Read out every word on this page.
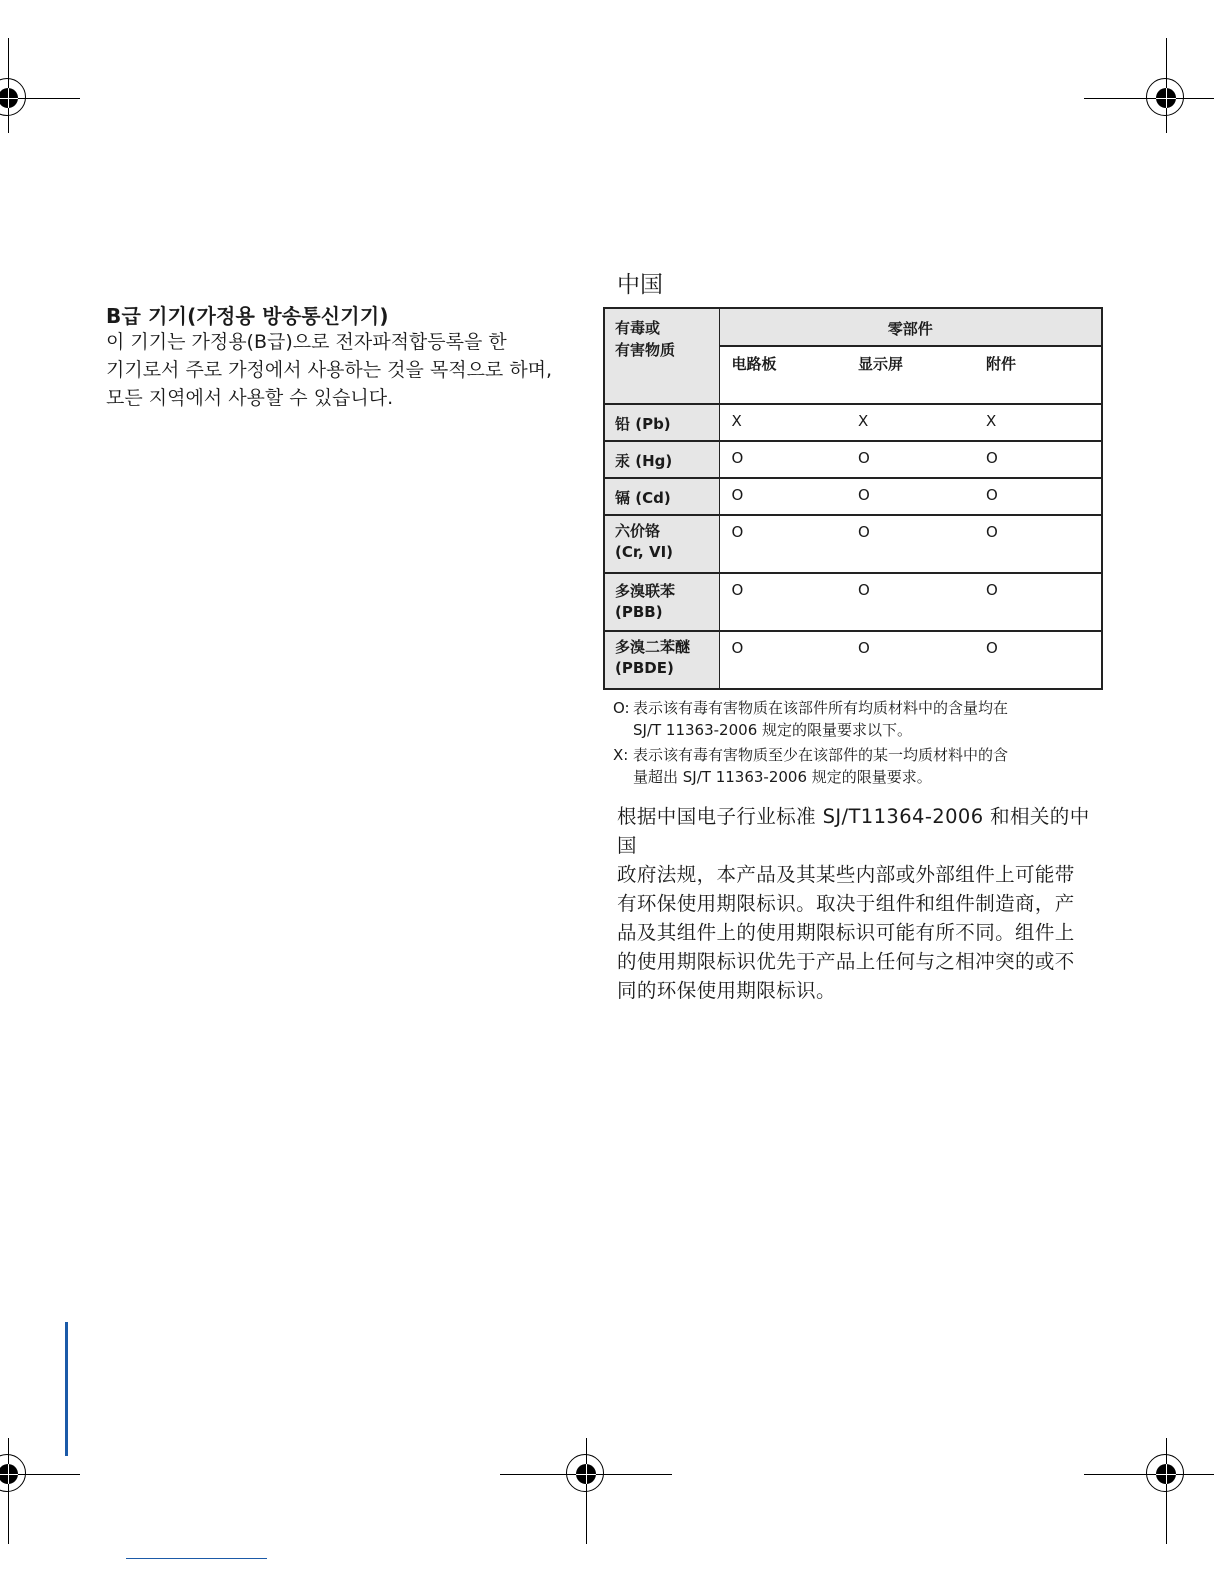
B급 기기(가정용 방송통신기기)
이 기기는 가정용(B급)으로 전자파적합등록을 한
기기로서 주로 가정에서 사용하는 것을 목적으로 하며,
모든 지역에서 사용할 수 있습니다.
中国
有毒或
有害物质	零部件		
	电路板	显示屏	附件

铅 (Pb)	X	X	X

汞 (Hg)	O	O	O

镉 (Cd)	O	O	O

六价铬
(Cr, VI)	O	O	O

多溴联苯
(PBB)	O	O	O

多溴二苯醚
(PBDE)	O	O	O
O: 表示该有毒有害物质在该部件所有均质材料中的含量均在
SJ/T 11363-2006 规定的限量要求以下。
X: 表示该有毒有害物质至少在该部件的某一均质材料中的含
量超出 SJ/T 11363-2006 规定的限量要求。
根据中国电子行业标准 SJ/T11364-2006 和相关的中国
政府法规，本产品及其某些内部或外部组件上可能带
有环保使用期限标识。取决于组件和组件制造商，产
品及其组件上的使用期限标识可能有所不同。组件上
的使用期限标识优先于产品上任何与之相冲突的或不
同的环保使用期限标识。
